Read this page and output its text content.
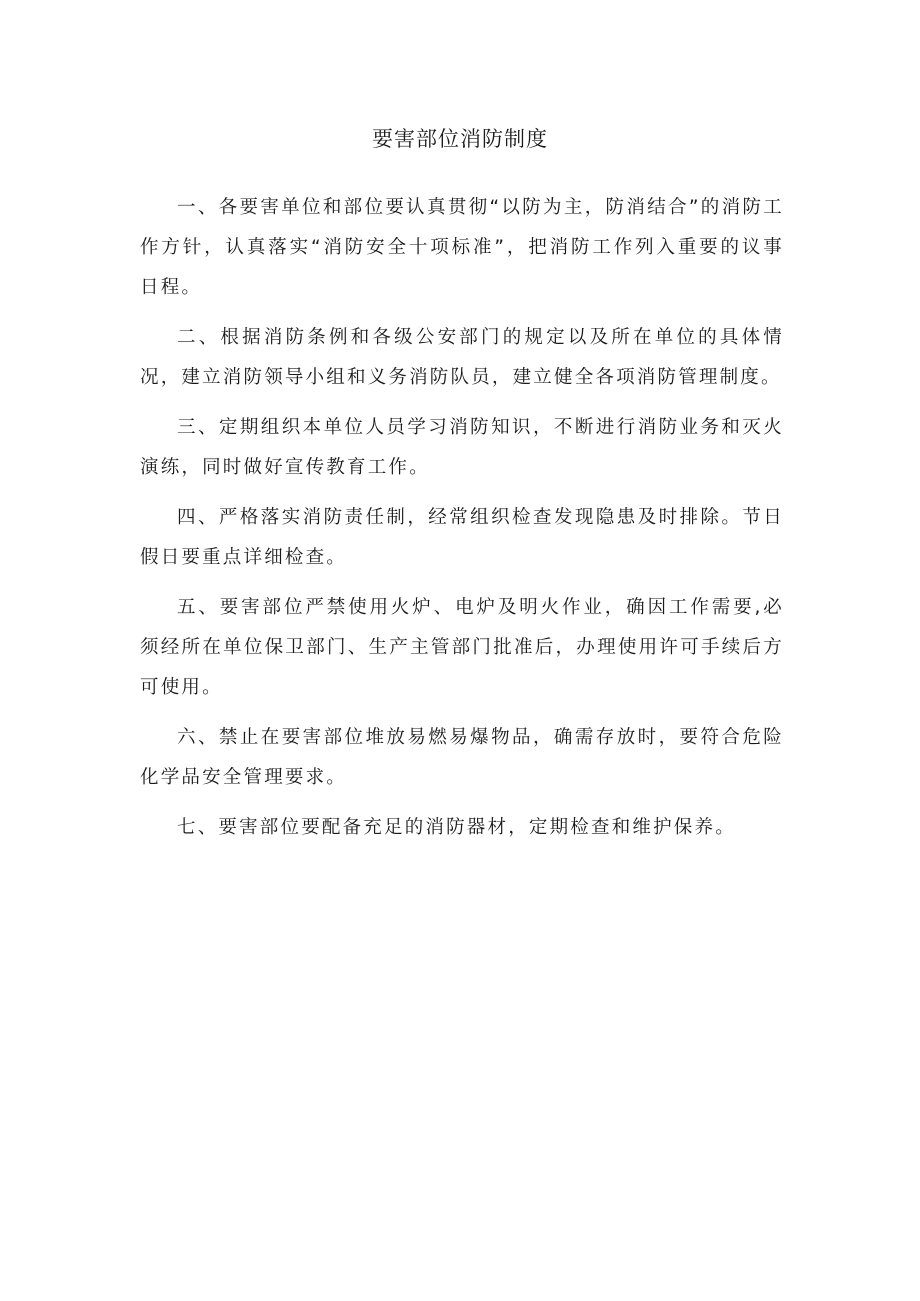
要害部位消防制度

一、各要害单位和部位要认真贯彻“以防为主，防消结合”的消防工作方针，认真落实“消防安全十项标准”，把消防工作列入重要的议事日程。

二、根据消防条例和各级公安部门的规定以及所在单位的具体情况，建立消防领导小组和义务消防队员，建立健全各项消防管理制度。

三、定期组织本单位人员学习消防知识，不断进行消防业务和灭火演练，同时做好宣传教育工作。

四、严格落实消防责任制，经常组织检查发现隐患及时排除。节日假日要重点详细检查。

五、要害部位严禁使用火炉、电炉及明火作业，确因工作需要,必须经所在单位保卫部门、生产主管部门批准后，办理使用许可手续后方可使用。

六、禁止在要害部位堆放易燃易爆物品，确需存放时，要符合危险化学品安全管理要求。

七、要害部位要配备充足的消防器材，定期检查和维护保养。
